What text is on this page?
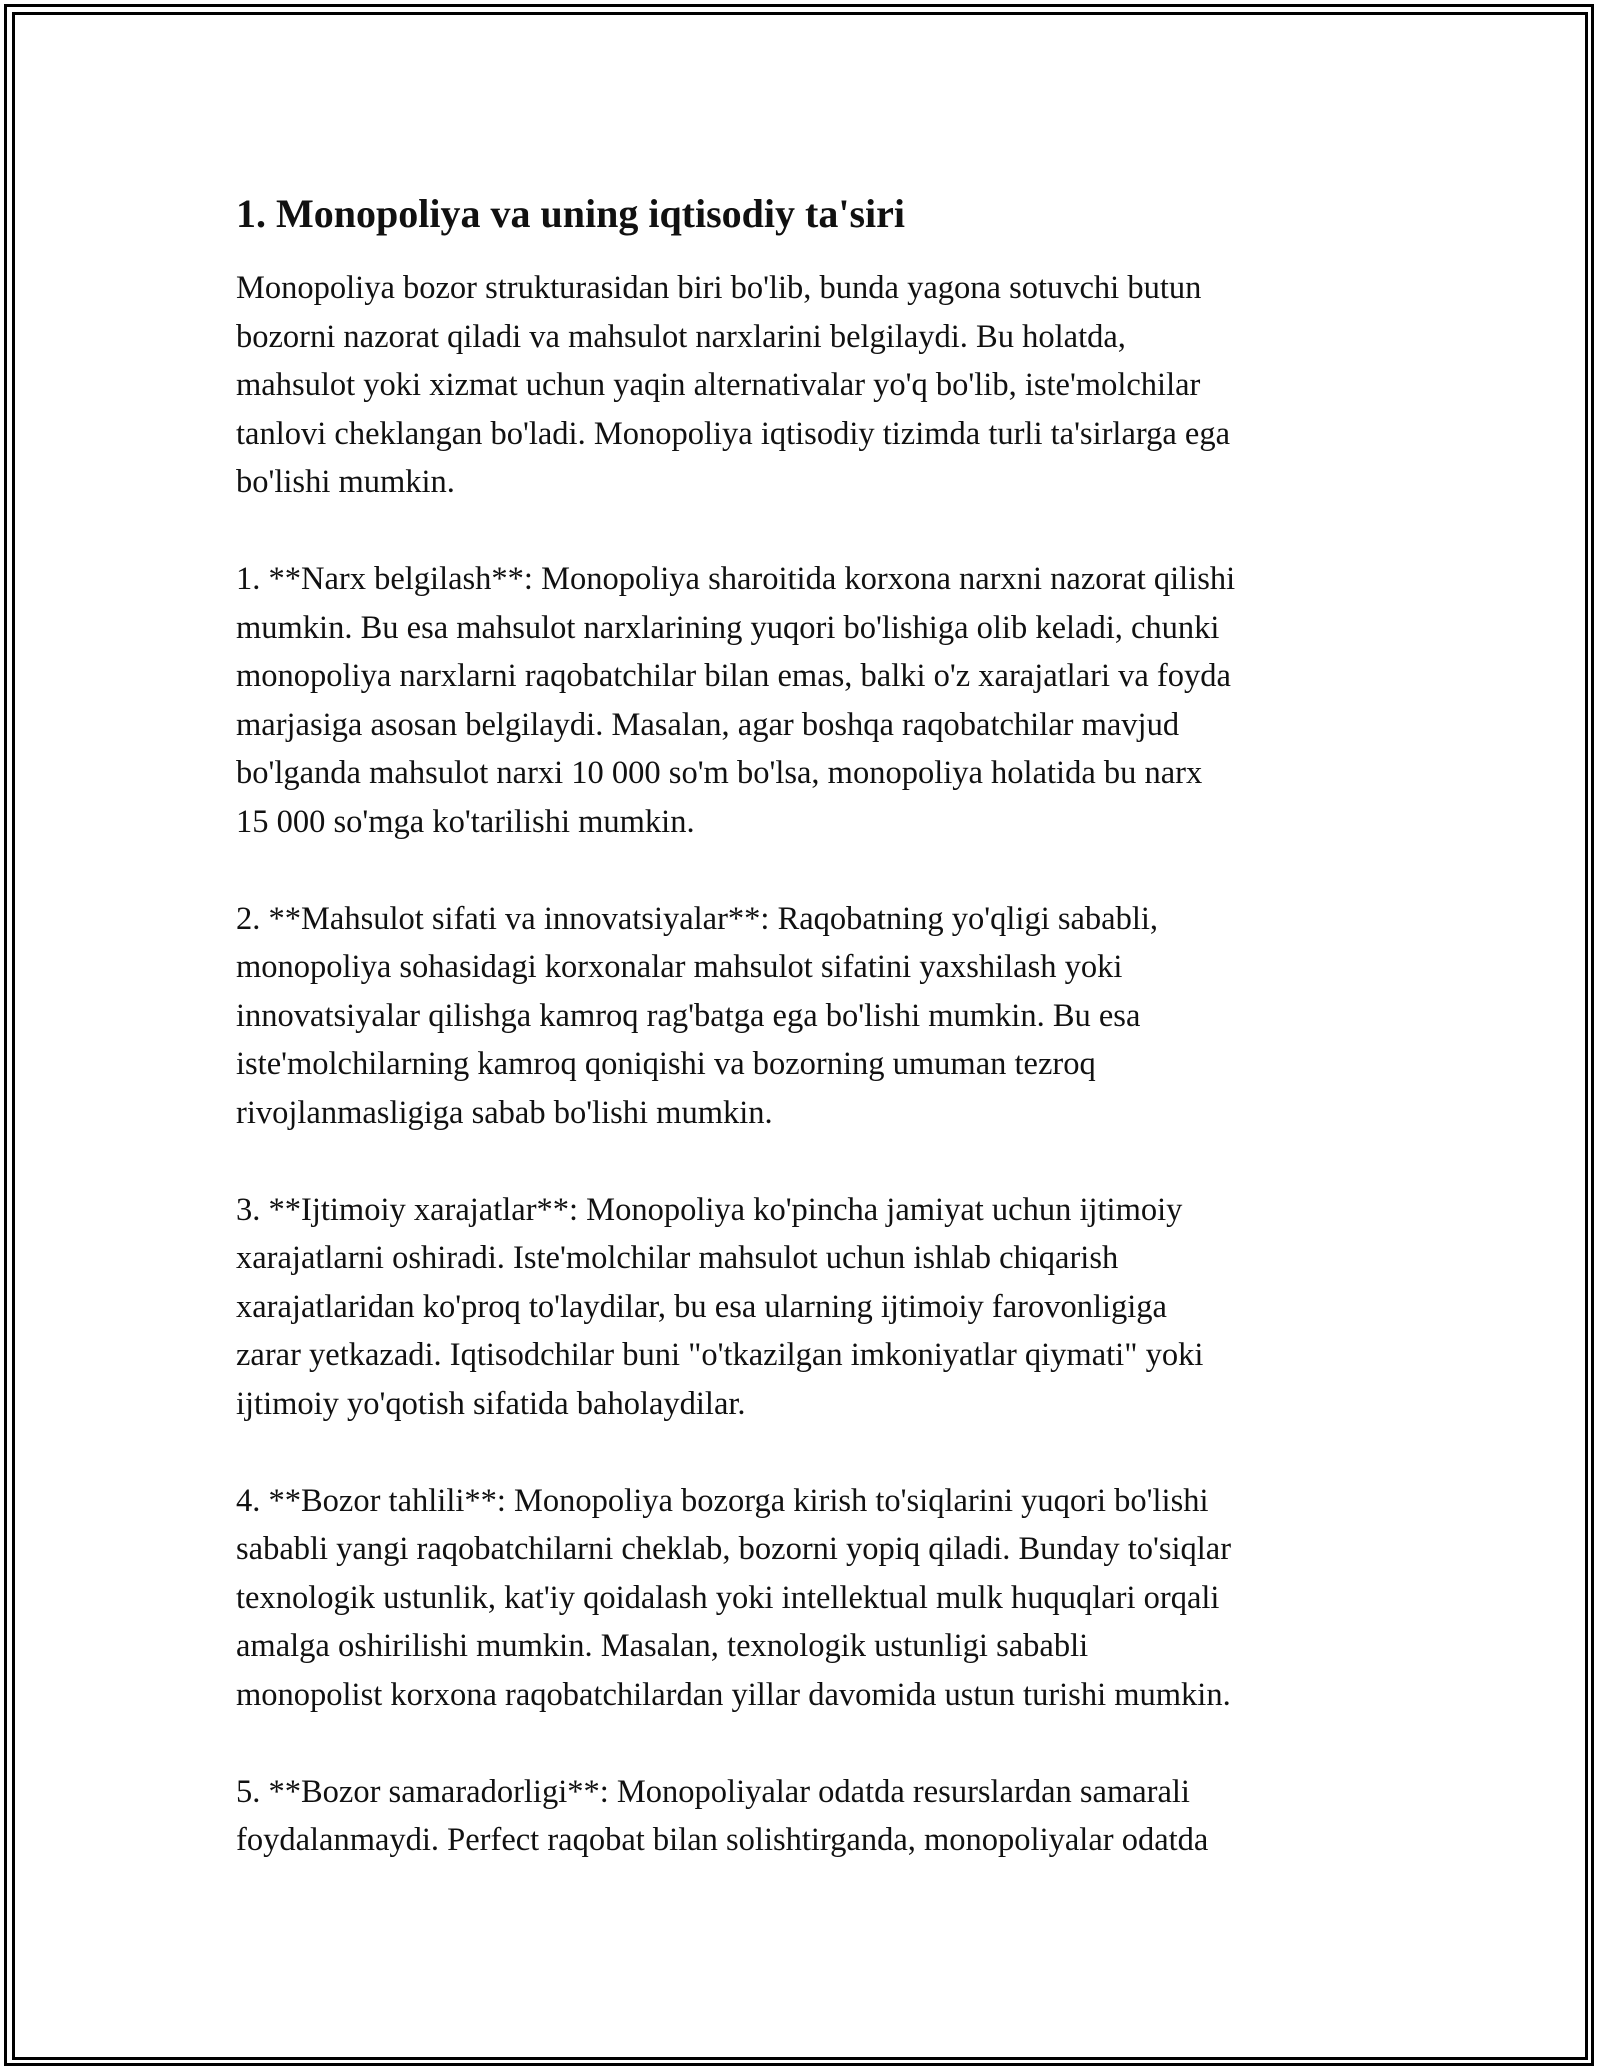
1. Monopoliya va uning iqtisodiy ta'siri
Monopoliya bozor strukturasidan biri bo'lib, bunda yagona sotuvchi butun
bozorni nazorat qiladi va mahsulot narxlarini belgilaydi. Bu holatda,
mahsulot yoki xizmat uchun yaqin alternativalar yo'q bo'lib, iste'molchilar
tanlovi cheklangan bo'ladi. Monopoliya iqtisodiy tizimda turli ta'sirlarga ega
bo'lishi mumkin.
1. **Narx belgilash**: Monopoliya sharoitida korxona narxni nazorat qilishi
mumkin. Bu esa mahsulot narxlarining yuqori bo'lishiga olib keladi, chunki
monopoliya narxlarni raqobatchilar bilan emas, balki o'z xarajatlari va foyda
marjasiga asosan belgilaydi. Masalan, agar boshqa raqobatchilar mavjud
bo'lganda mahsulot narxi 10 000 so'm bo'lsa, monopoliya holatida bu narx
15 000 so'mga ko'tarilishi mumkin.
2. **Mahsulot sifati va innovatsiyalar**: Raqobatning yo'qligi sababli,
monopoliya sohasidagi korxonalar mahsulot sifatini yaxshilash yoki
innovatsiyalar qilishga kamroq rag'batga ega bo'lishi mumkin. Bu esa
iste'molchilarning kamroq qoniqishi va bozorning umuman tezroq
rivojlanmasligiga sabab bo'lishi mumkin.
3. **Ijtimoiy xarajatlar**: Monopoliya ko'pincha jamiyat uchun ijtimoiy
xarajatlarni oshiradi. Iste'molchilar mahsulot uchun ishlab chiqarish
xarajatlaridan ko'proq to'laydilar, bu esa ularning ijtimoiy farovonligiga
zarar yetkazadi. Iqtisodchilar buni "o'tkazilgan imkoniyatlar qiymati" yoki
ijtimoiy yo'qotish sifatida baholaydilar.
4. **Bozor tahlili**: Monopoliya bozorga kirish to'siqlarini yuqori bo'lishi
sababli yangi raqobatchilarni cheklab, bozorni yopiq qiladi. Bunday to'siqlar
texnologik ustunlik, kat'iy qoidalash yoki intellektual mulk huquqlari orqali
amalga oshirilishi mumkin. Masalan, texnologik ustunligi sababli
monopolist korxona raqobatchilardan yillar davomida ustun turishi mumkin.
5. **Bozor samaradorligi**: Monopoliyalar odatda resurslardan samarali
foydalanmaydi. Perfect raqobat bilan solishtirganda, monopoliyalar odatda
